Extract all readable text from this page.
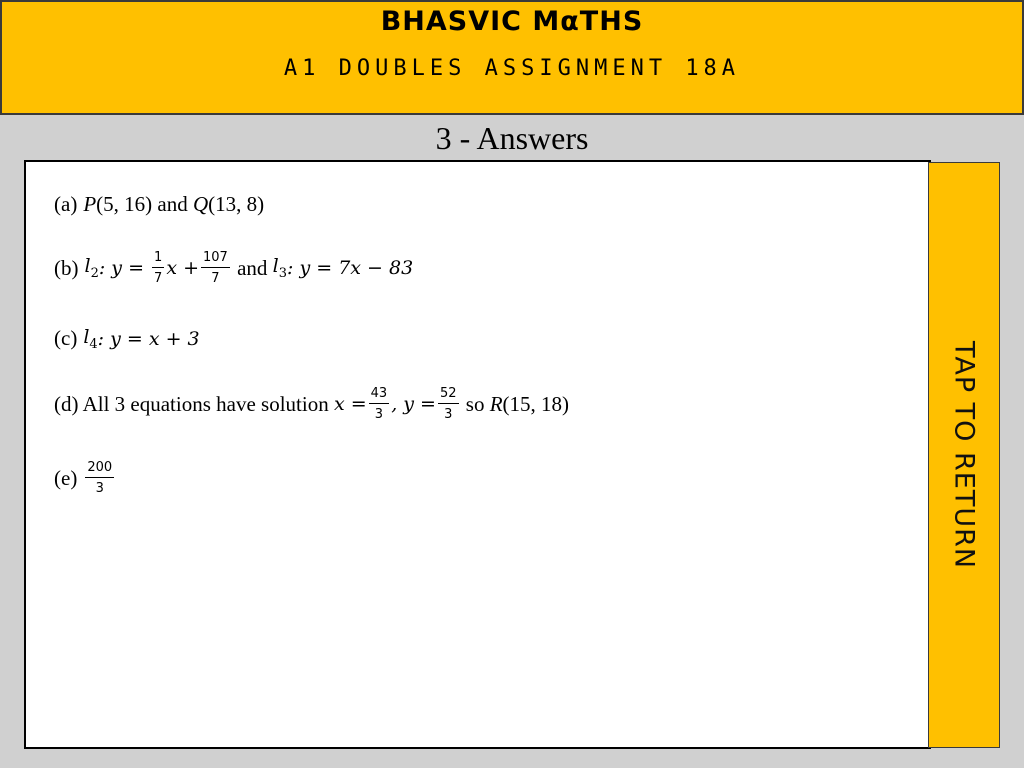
BHASVIC MαTHS
A1 DOUBLES ASSIGNMENT 18A
3 - Answers
(a) P (5, 16) and Q (13, 8)
(b) $l_2$ : $y = \frac{1}{7}$ $x + \frac{107}{7}$ and $l_3$ : y = 7x − 83
(c) $l_4$ : y = x + 3
(d) All 3 equations have solution $x = \frac{43}{3}$ , $y = \frac{52}{3}$ so R (15, 18)
$(e) \frac{200}{3}$	TAP TO RETURN
